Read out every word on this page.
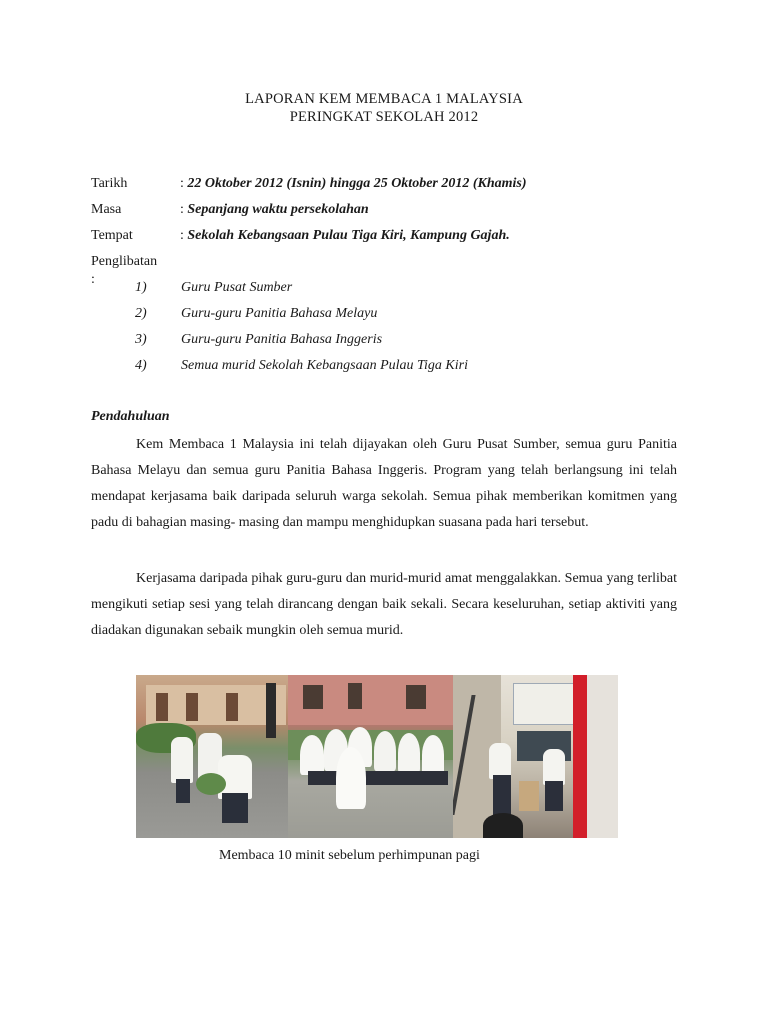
LAPORAN KEM MEMBACA 1 MALAYSIA
PERINGKAT SEKOLAH 2012
Tarikh	: 22 Oktober 2012 (Isnin) hingga 25 Oktober 2012 (Khamis)
Masa	: Sepanjang waktu persekolahan
Tempat	: Sekolah Kebangsaan Pulau Tiga Kiri, Kampung Gajah.
Penglibatan :
1) Guru Pusat Sumber
2) Guru-guru Panitia Bahasa Melayu
3) Guru-guru Panitia Bahasa Inggeris
4) Semua murid Sekolah Kebangsaan Pulau Tiga Kiri
Pendahuluan

Kem Membaca 1 Malaysia ini telah dijayakan oleh Guru Pusat Sumber, semua guru Panitia Bahasa Melayu dan semua guru Panitia Bahasa Inggeris. Program yang telah berlangsung ini telah mendapat kerjasama baik daripada seluruh warga sekolah. Semua pihak memberikan komitmen yang padu di bahagian masing- masing dan mampu menghidupkan suasana pada hari tersebut.

Kerjasama daripada pihak guru-guru dan murid-murid amat menggalakkan. Semua yang terlibat mengikuti setiap sesi yang telah dirancang dengan baik sekali. Secara keseluruhan, setiap aktiviti yang diadakan digunakan sebaik mungkin oleh semua murid.

Membaca 10 minit sebelum perhimpunan pagi
